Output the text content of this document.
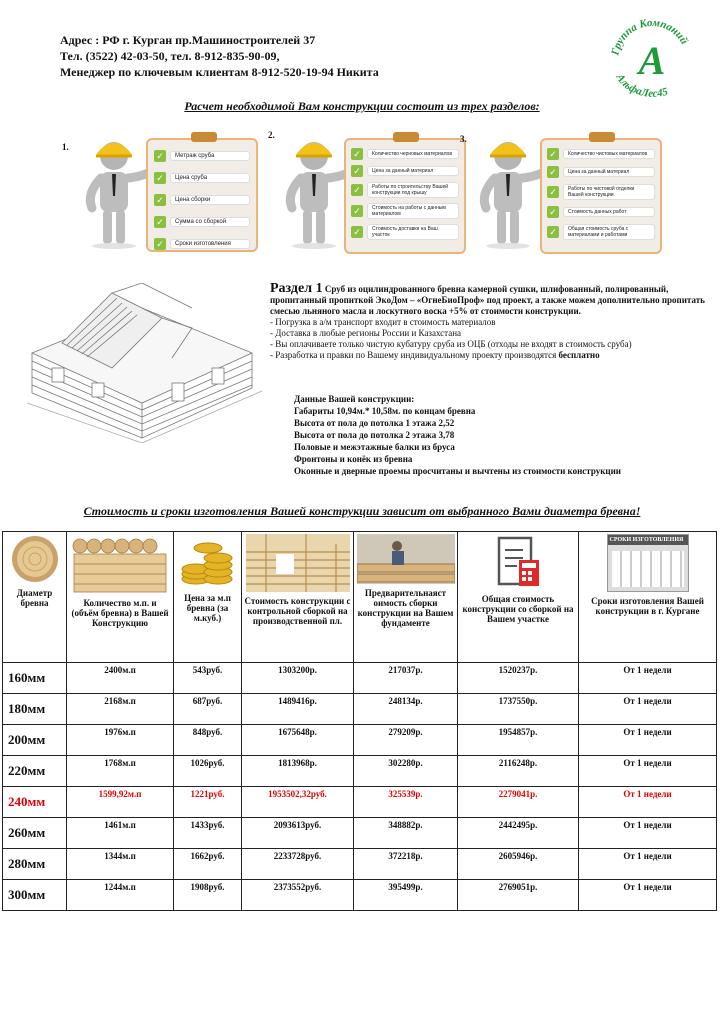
Адрес : РФ г. Курган пр.Машиностроителей 37
Тел. (3522) 42-03-50, тел. 8-912-835-90-09,
Менеджер по ключевым клиентам 8-912-520-19-94 Никита
Группа Компаний
А
АльфаЛес45
Расчет необходимой Вам конструкции состоит из трех разделов:
1.
✓	Метраж сруба
✓	Цена сруба
✓	Цена сборки
✓	Сумма со сборкой
✓	Сроки изготовления
2.
✓	Количество черновых материалов
✓	Цена за данный материал
✓	Работы по строительству Вашей конструкции под крышу
✓	Стоимость на работы с данным материалом
✓	Стоимость доставки на Ваш участок
3.
✓	Количество чистовых материалов
✓	Цена за данный материал
✓	Работы по чистовой отделки Вашей конструкции
✓	Стоимость данных работ
✓	Общая стоимость сруба с материалами и работами
Раздел 1 Сруб из оцилиндрованного бревна камерной сушки, шлифованный, полированный, пропитанный пропиткой ЭкоДом – «ОгнеБиоПроф» под проект, а также можем дополнительно пропитать смесью льняного масла и лоскутного воска +5% от стоимости конструкции.
- Погрузка в а/м транспорт входит в стоимость материалов
- Доставка в любые регионы России и Казахстана
- Вы оплачиваете только чистую кубатуру сруба из ОЦБ (отходы не входят в стоимость сруба)
- Разработка и правки по Вашему индивидуальному проекту производятся бесплатно
Данные Вашей конструкции:
Габариты 10,94м.* 10,58м. по концам бревна
Высота от пола до потолка 1 этажа 2,52
Высота от пола до потолка 2 этажа 3,78
Половые и межэтажные балки из бруса
Фронтоны и конёк из бревна
Оконные и дверные проемы просчитаны и вычтены из стоимости конструкции
Стоимость и сроки изготовления Вашей конструкции зависит от выбранного Вами диаметра бревна!
Диаметр бревна	Количество м.п. и (объём бревна) в Вашей Конструкцию	Цена за м.п бревна (за м.куб.)	Стоимость конструкции с контрольной сборкой на производственной пл.	Предварительнаяст оимость сборки конструкции на Вашем фундаменте	Общая стоимость конструкции со сборкой на Вашем участке	СРОКИ ИЗГОТОВЛЕНИЯ
Сроки изготовления Вашей конструкции в г. Кургане
160мм	2400м.п	543руб.	1303200р.	217037р.	1520237р.	От 1 недели
180мм	2168м.п	687руб.	1489416р.	248134р.	1737550р.	От 1 недели
200мм	1976м.п	848руб.	1675648р.	279209р.	1954857р.	От 1 недели
220мм	1768м.п	1026руб.	1813968р.	302280р.	2116248р.	От 1 недели
240мм	1599,92м.п	1221руб.	1953502,32руб.	325539р.	2279041р.	От 1 недели
260мм	1461м.п	1433руб.	2093613руб.	348882р.	2442495р.	От 1 недели
280мм	1344м.п	1662руб.	2233728руб.	372218р.	2605946р.	От 1 недели
300мм	1244м.п	1908руб.	2373552руб.	395499р.	2769051р.	От 1 недели
